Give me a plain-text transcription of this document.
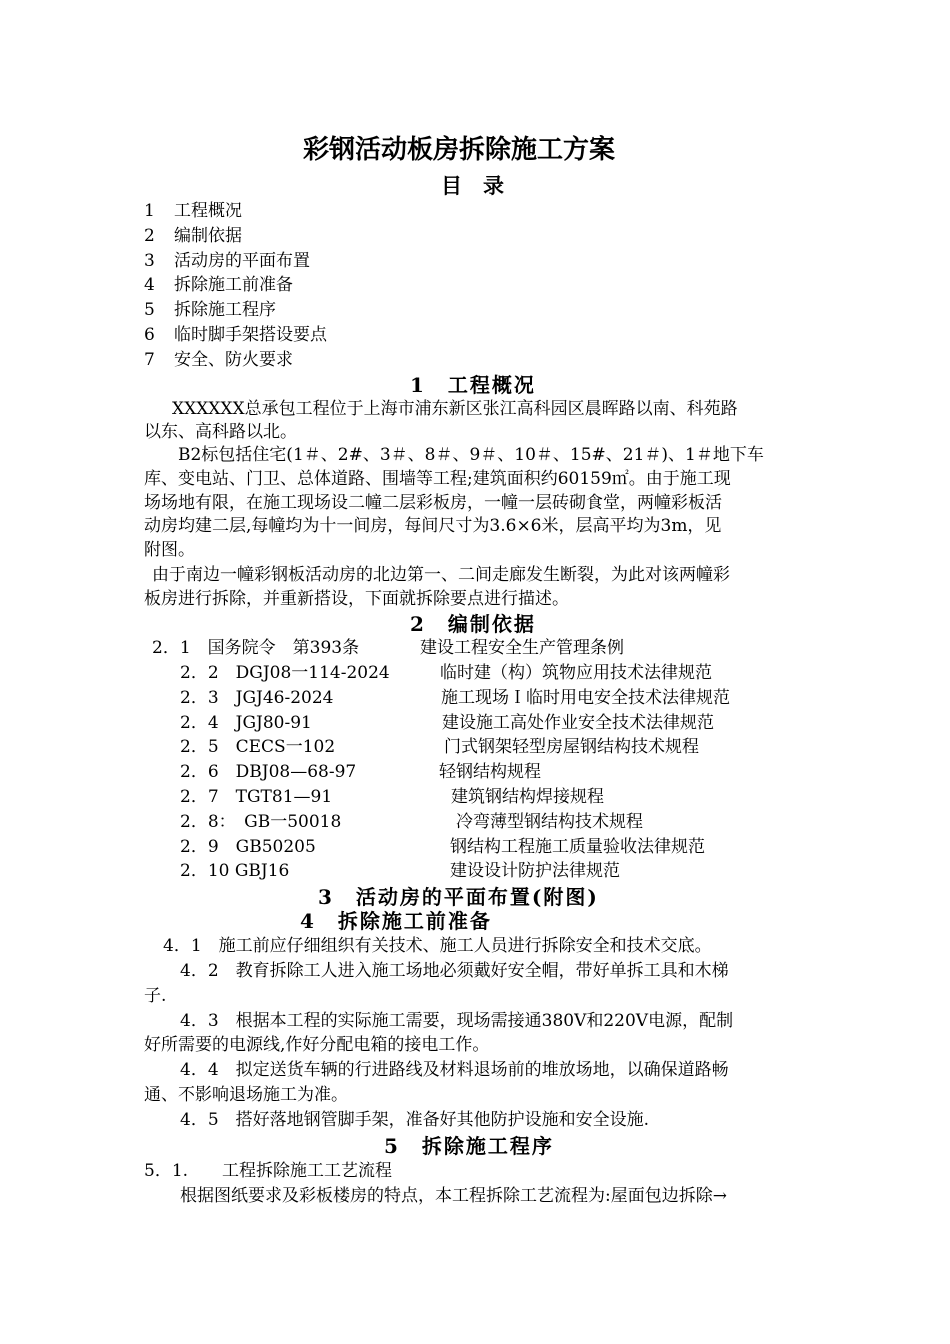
彩钢活动板房拆除施工方案
目　录
1 工程概况
2 编制依据
3 活动房的平面布置
4 拆除施工前准备
5 拆除施工程序
6 临时脚手架搭设要点
7 安全、防火要求
1　工程概况
XXXXXX总承包工程位于上海市浦东新区张江高科园区晨晖路以南、科苑路
以东、高科路以北。
B2标包括住宅(1＃、2#、3＃、8＃、9＃、10＃、15#、21＃)、1＃地下车
库、变电站、门卫、总体道路、围墙等工程;建筑面积约60159㎡。由于施工现
场场地有限，在施工现场设二幢二层彩板房，一幢一层砖砌食堂，两幢彩板活
动房均建二层,每幢均为十一间房，每间尺寸为3.6×6米，层高平均为3m，见
附图。
由于南边一幢彩钢板活动房的北边第一、二间走廊发生断裂，为此对该两幢彩
板房进行拆除，并重新搭设，下面就拆除要点进行描述。
2　编制依据
2．1　国务院令　第393条	建设工程安全生产管理条例
2．2　DGJ08一114-2024	临时建（构）筑物应用技术法律规范
2．3　JGJ46-2024	施工现场Ｉ临时用电安全技术法律规范
2．4　JGJ80-91	建设施工高处作业安全技术法律规范
2．5　CECS一102	门式钢架轻型房屋钢结构技术规程
2．6　DBJ08—68-97	轻钢结构规程
2．7　TGT81—91	建筑钢结构焊接规程
2．8：　GB一50018	冷弯薄型钢结构技术规程
2．9　GB50205	钢结构工程施工质量验收法律规范
2．10 GBJ16	建设设计防护法律规范
3　活动房的平面布置(附图)
4　拆除施工前准备
4．1　施工前应仔细组织有关技术、施工人员进行拆除安全和技术交底。
4．2　教育拆除工人进入施工场地必须戴好安全帽，带好单拆工具和木梯
子.
4．3　根据本工程的实际施工需要，现场需接通380V和220V电源，配制
好所需要的电源线,作好分配电箱的接电工作。
4．4　拟定送货车辆的行进路线及材料退场前的堆放场地，以确保道路畅
通、不影响退场施工为准。
4．5　搭好落地钢管脚手架，准备好其他防护设施和安全设施.
5　拆除施工程序
5．1.　　工程拆除施工工艺流程
根据图纸要求及彩板楼房的特点，本工程拆除工艺流程为:屋面包边拆除→
